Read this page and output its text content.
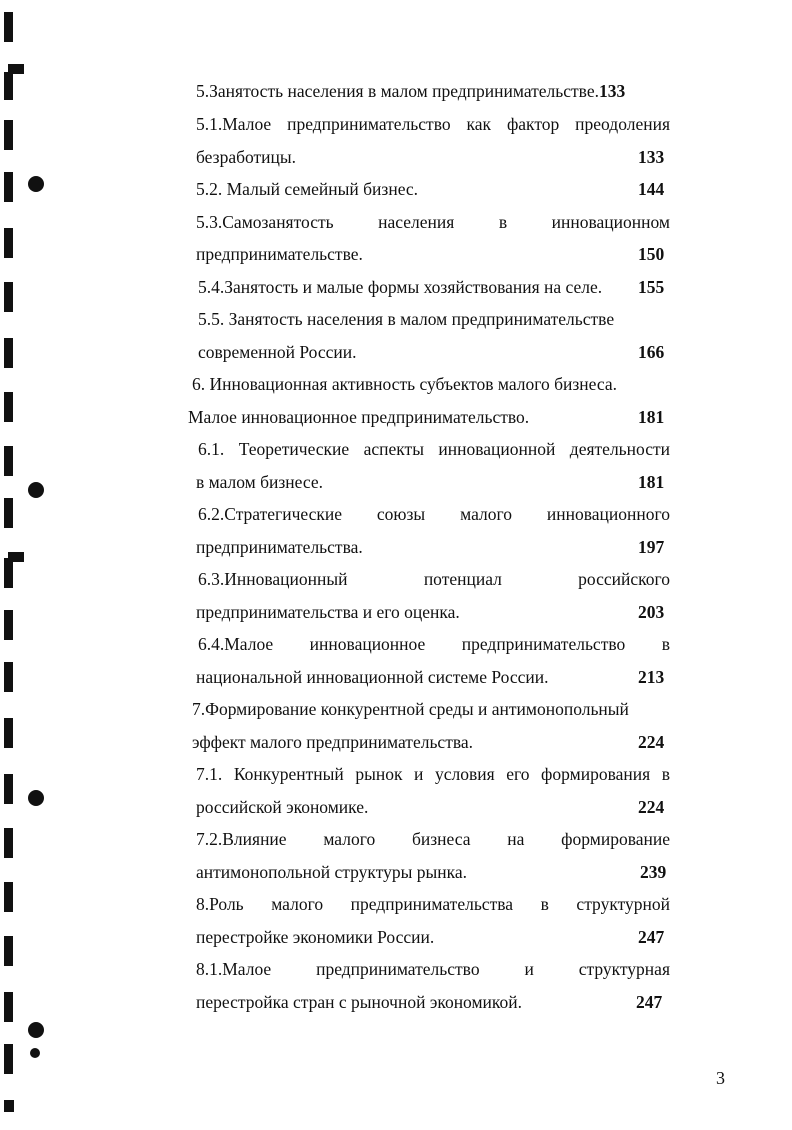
5.Занятость населения в малом предпринимательстве.133
5.1.Малое предпринимательство как фактор преодоления
безработицы.	133
5.2. Малый семейный бизнес.	144
5.3.Самозанятость населения в инновационном
предпринимательстве.	150
5.4.Занятость и малые формы хозяйствования на селе. 155
5.5. Занятость населения в малом предпринимательстве
современной России.	166
6. Инновационная активность субъектов малого бизнеса.
Малое инновационное предпринимательство.	181
6.1. Теоретические аспекты инновационной деятельности
в малом бизнесе.	181
6.2.Стратегические союзы малого инновационного
предпринимательства.	197
6.3.Инновационный потенциал российского
предпринимательства и его оценка.	203
6.4.Малое инновационное предпринимательство в
национальной инновационной системе России.	213
7.Формирование конкурентной среды и антимонопольный
эффект малого предпринимательства.	224
7.1. Конкурентный рынок и условия его формирования в
российской экономике.	224
7.2.Влияние малого бизнеса на формирование
антимонопольной структуры рынка.	239
8.Роль малого предпринимательства в структурной
перестройке экономики России.	247
8.1.Малое предпринимательство и структурная
перестройка стран с рыночной экономикой.	247
3
